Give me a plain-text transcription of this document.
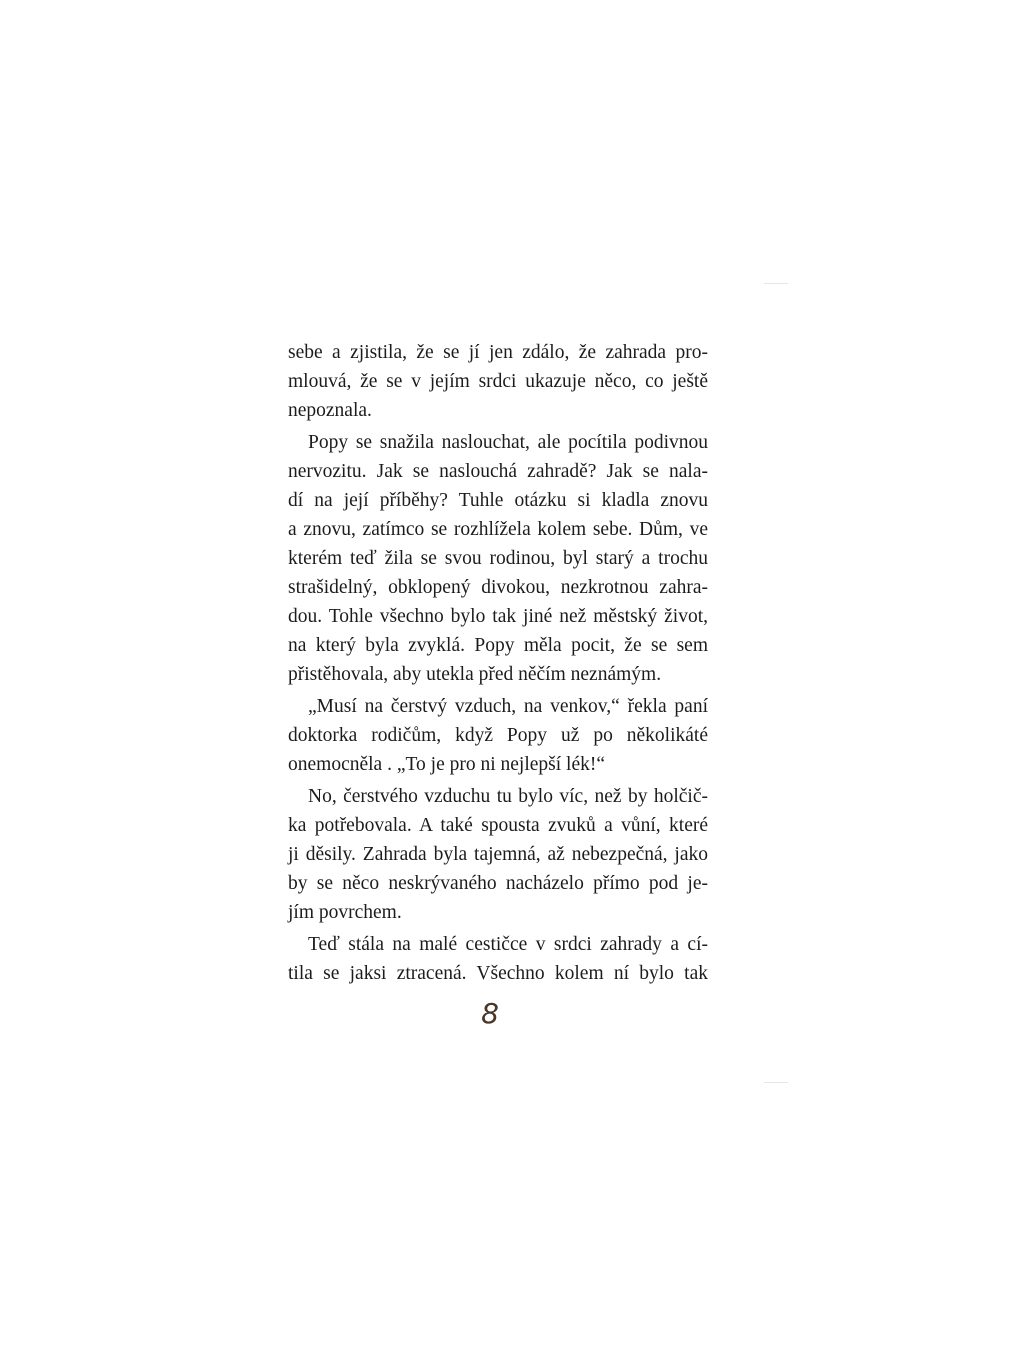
sebe a zjistila, že se jí jen zdálo, že zahrada pro-
mlouvá, že se v jejím srdci ukazuje něco, co ještě
nepoznala.
Popy se snažila naslouchat, ale pocítila podivnou
nervozitu. Jak se naslouchá zahradě? Jak se nala-
dí na její příběhy? Tuhle otázku si kladla znovu
a znovu, zatímco se rozhlížela kolem sebe. Dům, ve
kterém teď žila se svou rodinou, byl starý a trochu
strašidelný, obklopený divokou, nezkrotnou zahra-
dou. Tohle všechno bylo tak jiné než městský život,
na který byla zvyklá. Popy měla pocit, že se sem
přistěhovala, aby utekla před něčím neznámým.
„Musí na čerstvý vzduch, na venkov,“ řekla paní
doktorka rodičům, když Popy už po několikáté
onemocněla . „To je pro ni nejlepší lék!“
No, čerstvého vzduchu tu bylo víc, než by holčič-
ka potřebovala. A také spousta zvuků a vůní, které
ji děsily. Zahrada byla tajemná, až nebezpečná, jako
by se něco neskrývaného nacházelo přímo pod je-
jím povrchem.
Teď stála na malé cestičce v srdci zahrady a cí-
tila se jaksi ztracená. Všechno kolem ní bylo tak
8
